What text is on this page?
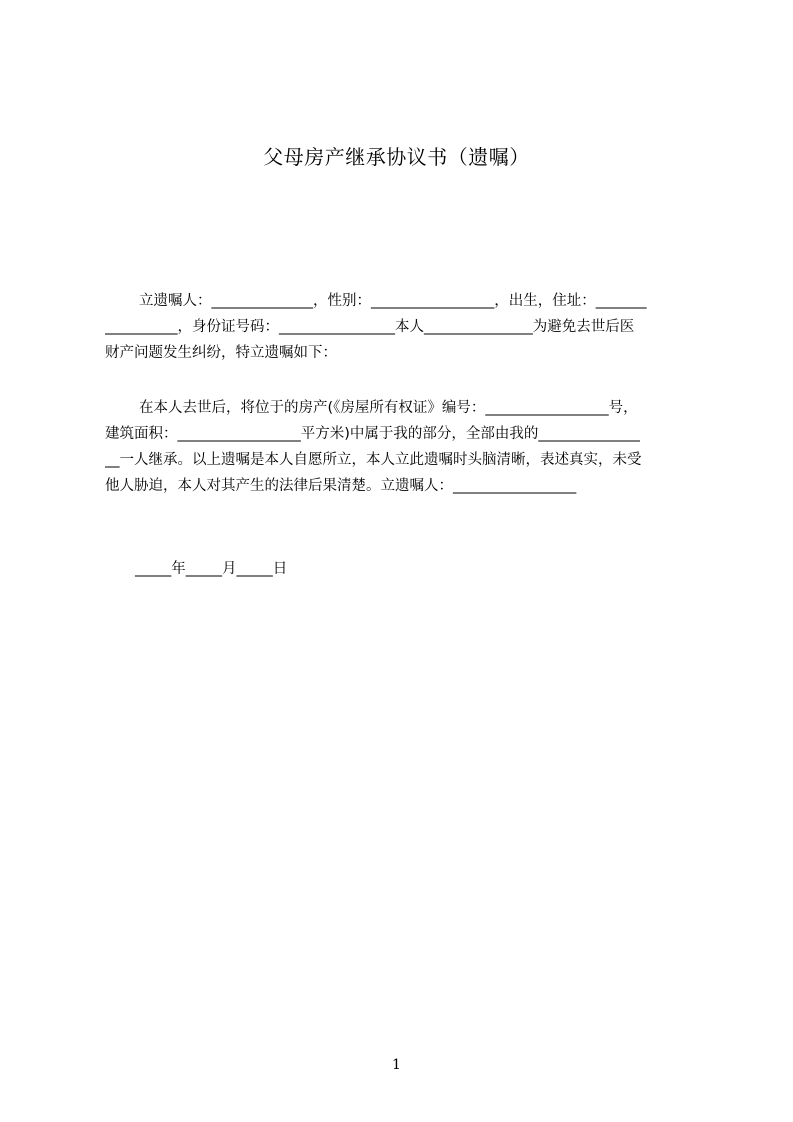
父母房产继承协议书（遗嘱）
立遗嘱人：______________，性别：_________________，出生，住址：_______
__________，身份证号码：________________本人_______________为避免去世后医
财产问题发生纠纷，特立遗嘱如下：
在本人去世后，将位于的房产(《房屋所有权证》编号：_________________号，
建筑面积：_________________平方米)中属于我的部分，全部由我的______________
__一人继承。以上遗嘱是本人自愿所立，本人立此遗嘱时头脑清晰，表述真实，未受
他人胁迫，本人对其产生的法律后果清楚。立遗嘱人：_________________
_____年_____月_____日
1
